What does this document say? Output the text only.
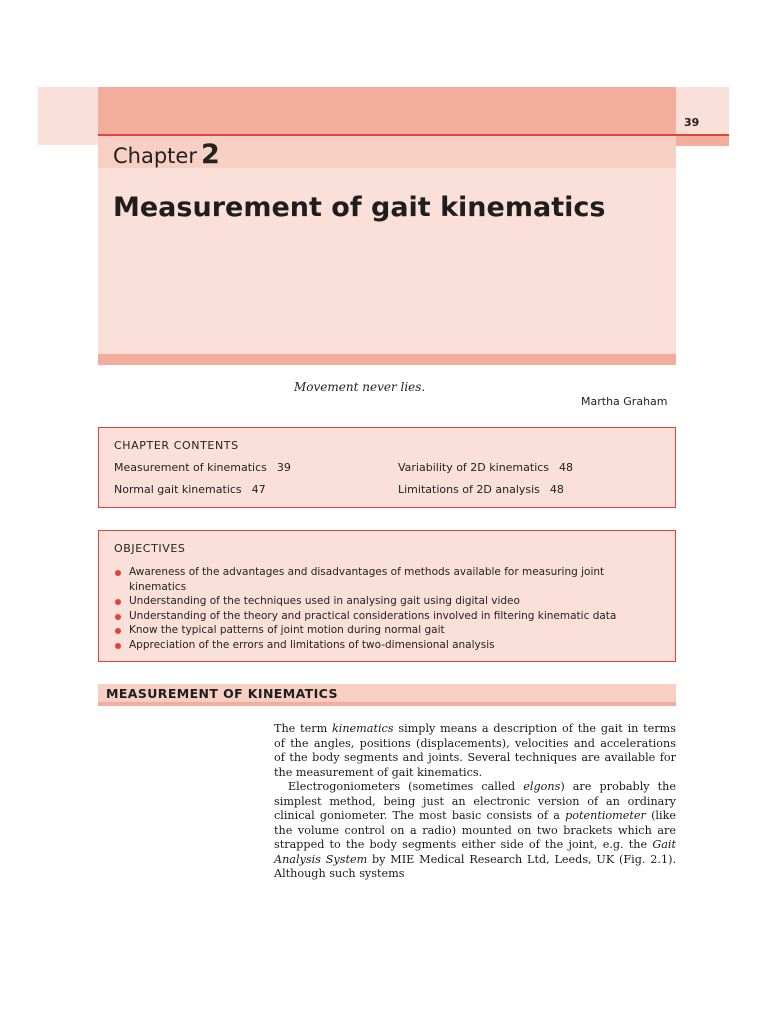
39
Chapter 2
Measurement of gait kinematics
Movement never lies.
Martha Graham
CHAPTER CONTENTS
Measurement of kinematics 39	Variability of 2D kinematics 48
Normal gait kinematics 47	Limitations of 2D analysis 48
OBJECTIVES
Awareness of the advantages and disadvantages of methods available for measuring joint kinematics
Understanding of the techniques used in analysing gait using digital video
Understanding of the theory and practical considerations involved in filtering kinematic data
Know the typical patterns of joint motion during normal gait
Appreciation of the errors and limitations of two-dimensional analysis
MEASUREMENT OF KINEMATICS

The term kinematics simply means a description of the gait in terms of the angles, positions (displacements), velocities and accelerations of the body segments and joints. Several techniques are available for the measurement of gait kinematics.

Electrogoniometers (sometimes called elgons) are probably the simplest method, being just an electronic version of an ordinary clinical goniometer. The most basic consists of a potentiometer (like the volume control on a radio) mounted on two brackets which are strapped to the body segments either side of the joint, e.g. the Gait Analysis System by MIE Medical Research Ltd, Leeds, UK (Fig. 2.1). Although such systems
